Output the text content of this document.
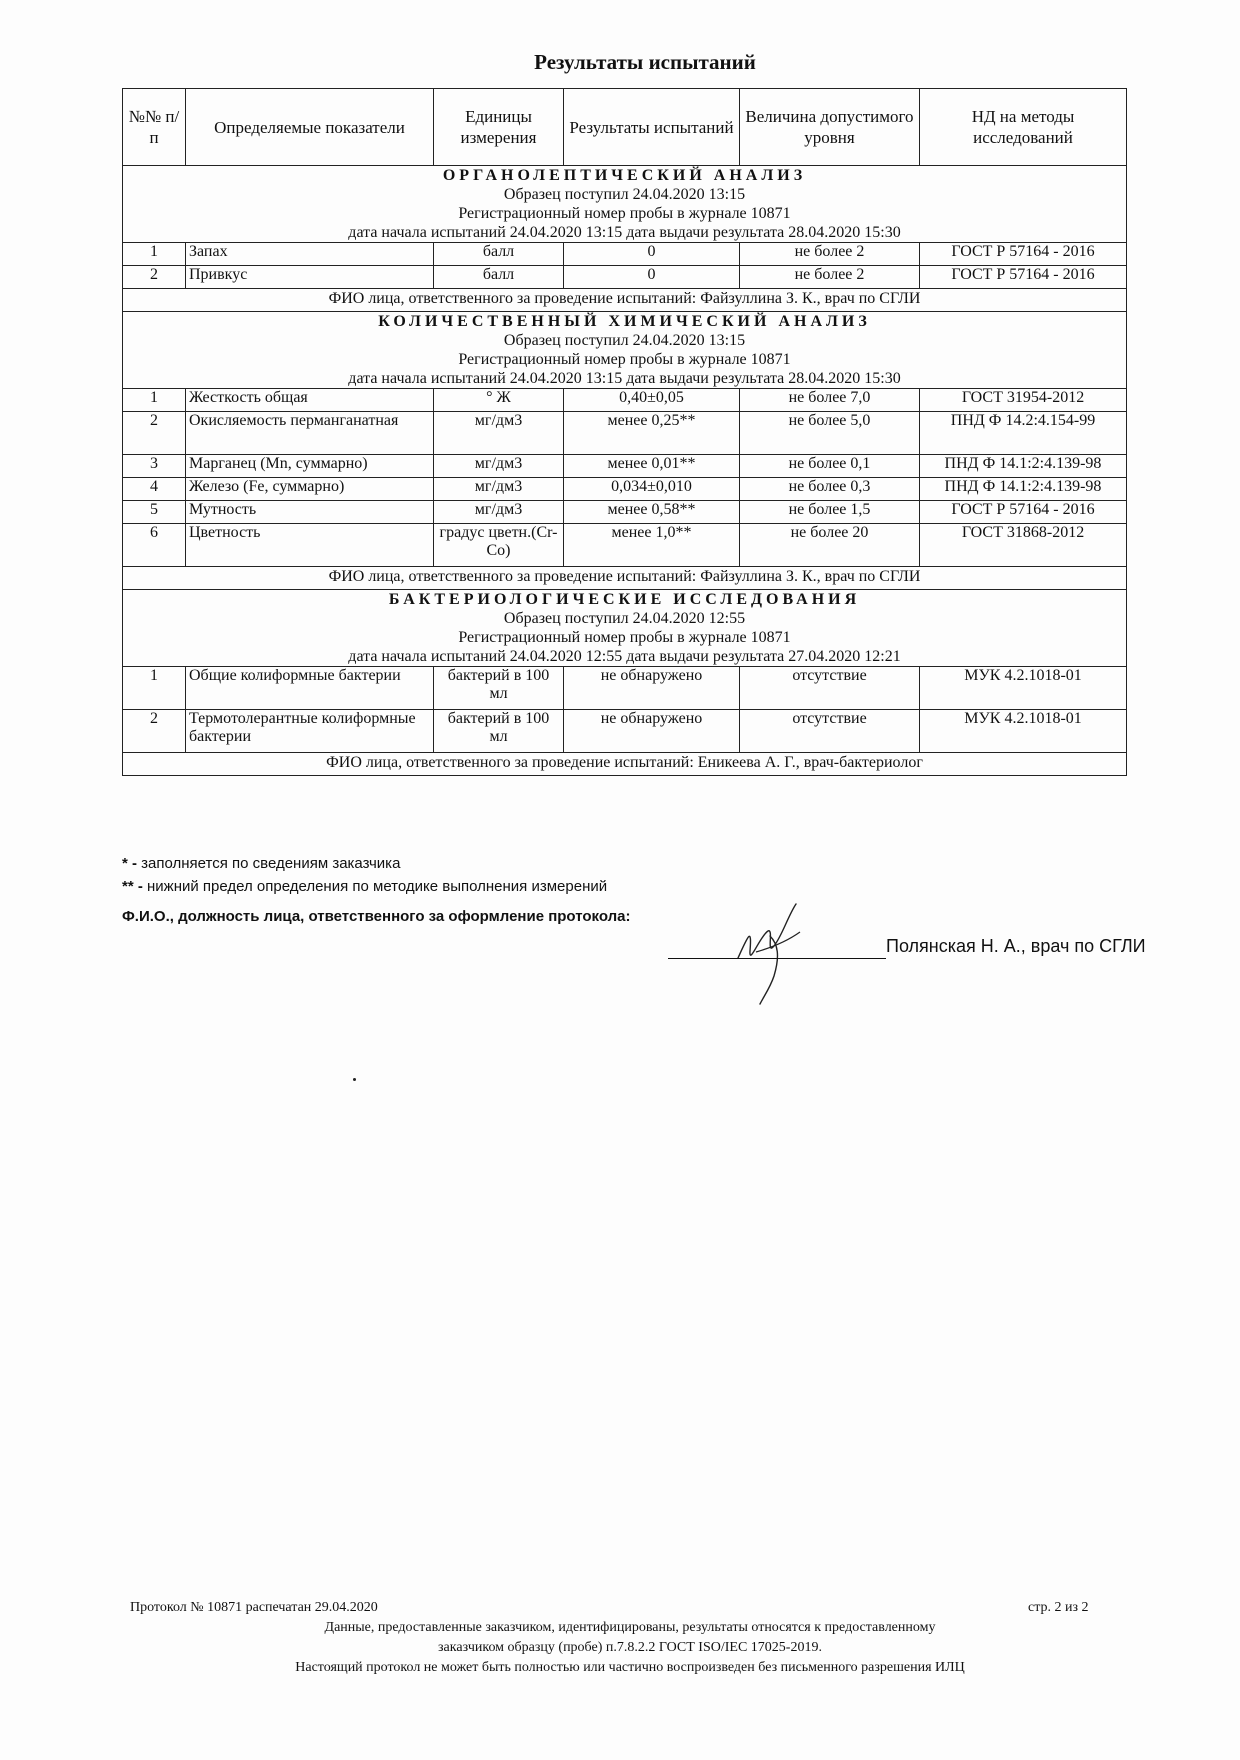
Результаты испытаний
№№ п/п	Определяемые показатели	Единицы измерения	Результаты испытаний	Величина допустимого уровня	НД на методы исследований

ОРГАНОЛЕПТИЧЕСКИЙ АНАЛИЗ
Образец поступил 24.04.2020 13:15
Регистрационный номер пробы в журнале 10871
дата начала испытаний 24.04.2020 13:15 дата выдачи результата 28.04.2020 15:30					

1	Запах	балл	0	не более 2	ГОСТ Р 57164 - 2016
2	Привкус	балл	0	не более 2	ГОСТ Р 57164 - 2016
ФИО лица, ответственного за проведение испытаний: Файзуллина З. К., врач по СГЛИ					

КОЛИЧЕСТВЕННЫЙ ХИМИЧЕСКИЙ АНАЛИЗ
Образец поступил 24.04.2020 13:15
Регистрационный номер пробы в журнале 10871
дата начала испытаний 24.04.2020 13:15 дата выдачи результата 28.04.2020 15:30					

1	Жесткость общая	° Ж	0,40±0,05	не более 7,0	ГОСТ 31954-2012
2	Окисляемость перманганатная	мг/дм3	менее 0,25**	не более 5,0	ПНД Ф 14.2:4.154-99
3	Марганец (Mn, суммарно)	мг/дм3	менее 0,01**	не более 0,1	ПНД Ф 14.1:2:4.139-98
4	Железо (Fe, суммарно)	мг/дм3	0,034±0,010	не более 0,3	ПНД Ф 14.1:2:4.139-98
5	Мутность	мг/дм3	менее 0,58**	не более 1,5	ГОСТ Р 57164 - 2016
6	Цветность	градус цветн.(Cr-Co)	менее 1,0**	не более 20	ГОСТ 31868-2012
ФИО лица, ответственного за проведение испытаний: Файзуллина З. К., врач по СГЛИ					

БАКТЕРИОЛОГИЧЕСКИЕ ИССЛЕДОВАНИЯ
Образец поступил 24.04.2020 12:55
Регистрационный номер пробы в журнале 10871
дата начала испытаний 24.04.2020 12:55 дата выдачи результата 27.04.2020 12:21					

1	Общие колиформные бактерии	бактерий в 100 мл	не обнаружено	отсутствие	МУК 4.2.1018-01
2	Термотолерантные колиформные бактерии	бактерий в 100 мл	не обнаружено	отсутствие	МУК 4.2.1018-01
ФИО лица, ответственного за проведение испытаний: Еникеева А. Г., врач-бактериолог					
* - заполняется по сведениям заказчика
** - нижний предел определения по методике выполнения измерений
Ф.И.О., должность лица, ответственного за оформление протокола:
Полянская Н. А., врач по СГЛИ
Протокол № 10871 распечатан 29.04.2020	стр. 2 из 2
Данные, предоставленные заказчиком, идентифицированы, результаты относятся к предоставленному
заказчиком образцу (пробе) п.7.8.2.2 ГОСТ ISO/IEC 17025-2019.
Настоящий протокол не может быть полностью или частично воспроизведен без письменного разрешения ИЛЦ
